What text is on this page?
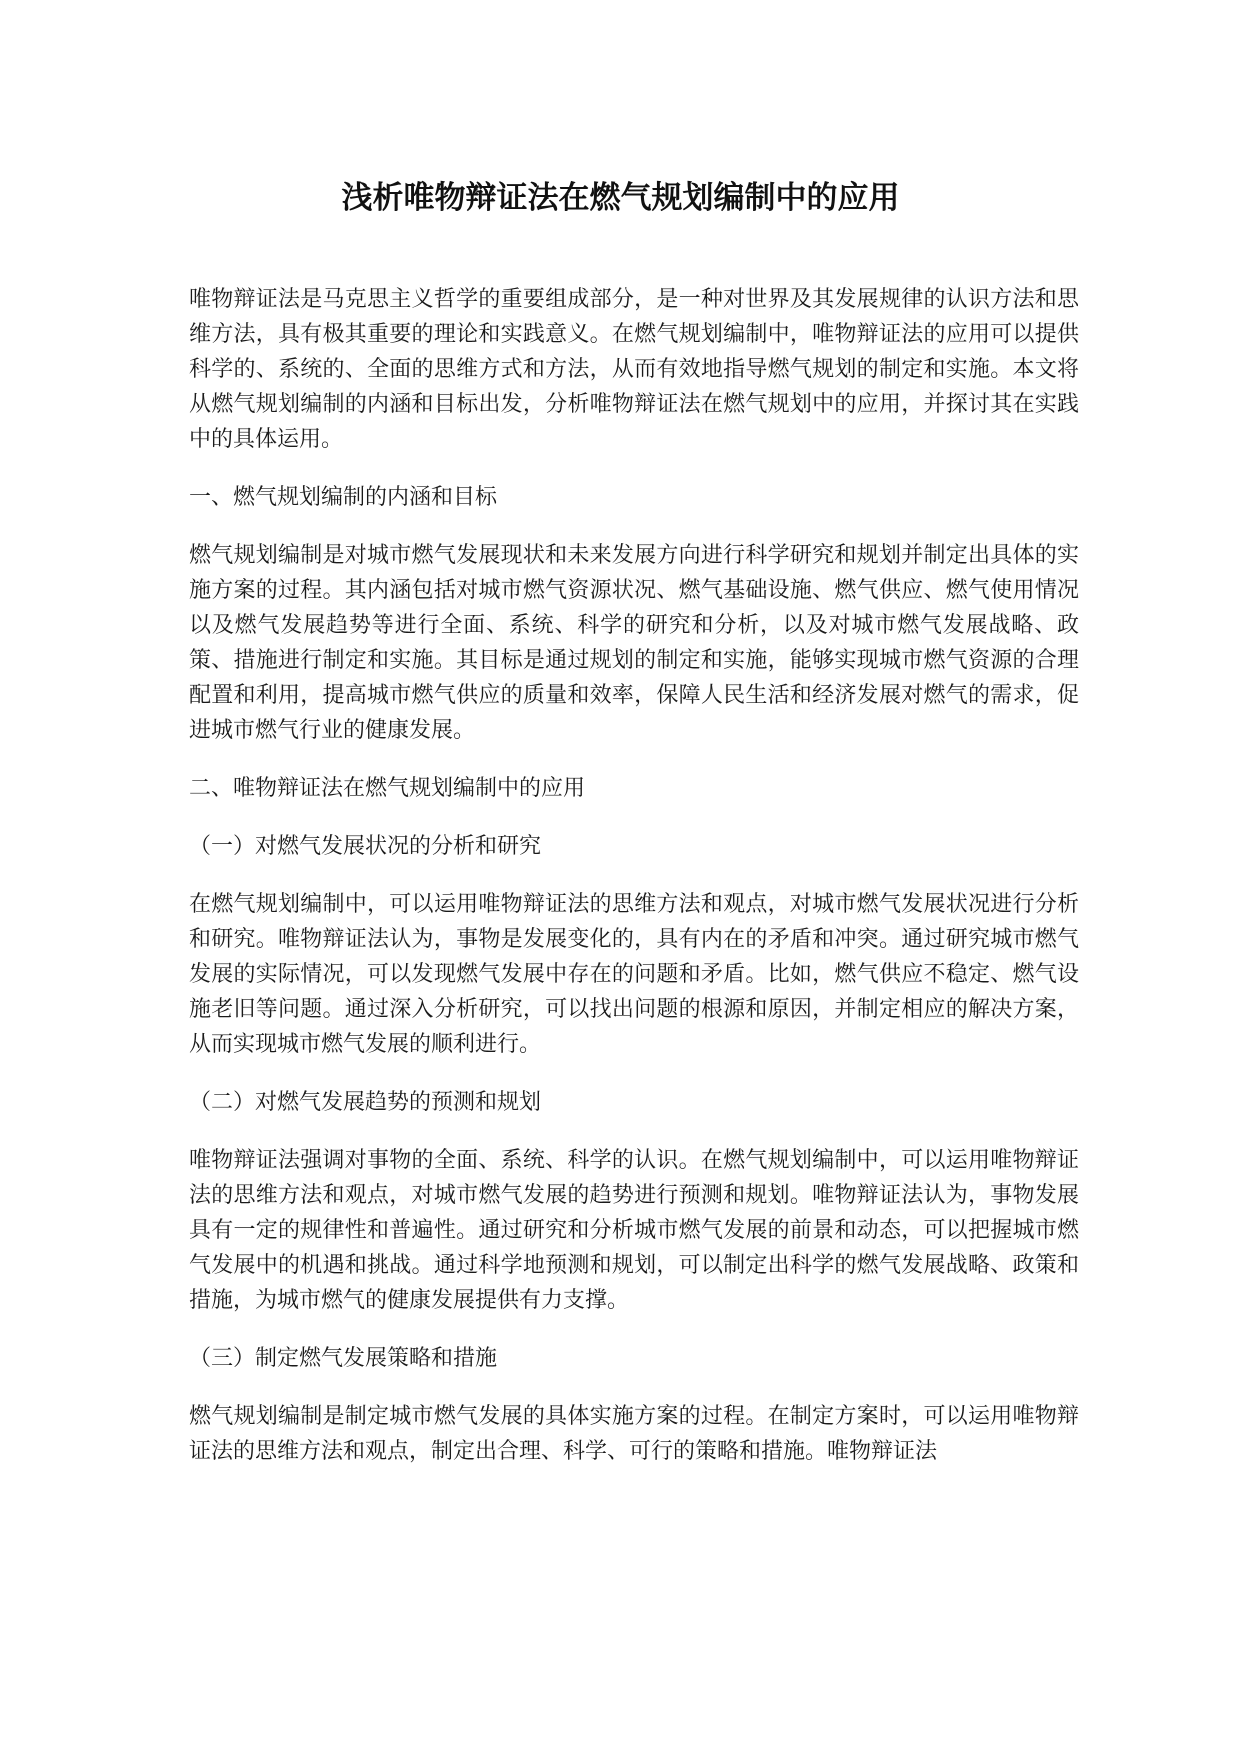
浅析唯物辩证法在燃气规划编制中的应用

唯物辩证法是马克思主义哲学的重要组成部分，是一种对世界及其发展规律的认识方法和思维方法，具有极其重要的理论和实践意义。在燃气规划编制中，唯物辩证法的应用可以提供科学的、系统的、全面的思维方式和方法，从而有效地指导燃气规划的制定和实施。本文将从燃气规划编制的内涵和目标出发，分析唯物辩证法在燃气规划中的应用，并探讨其在实践中的具体运用。

一、燃气规划编制的内涵和目标

燃气规划编制是对城市燃气发展现状和未来发展方向进行科学研究和规划并制定出具体的实施方案的过程。其内涵包括对城市燃气资源状况、燃气基础设施、燃气供应、燃气使用情况以及燃气发展趋势等进行全面、系统、科学的研究和分析，以及对城市燃气发展战略、政策、措施进行制定和实施。其目标是通过规划的制定和实施，能够实现城市燃气资源的合理配置和利用，提高城市燃气供应的质量和效率，保障人民生活和经济发展对燃气的需求，促进城市燃气行业的健康发展。

二、唯物辩证法在燃气规划编制中的应用

（一）对燃气发展状况的分析和研究

在燃气规划编制中，可以运用唯物辩证法的思维方法和观点，对城市燃气发展状况进行分析和研究。唯物辩证法认为，事物是发展变化的，具有内在的矛盾和冲突。通过研究城市燃气发展的实际情况，可以发现燃气发展中存在的问题和矛盾。比如，燃气供应不稳定、燃气设施老旧等问题。通过深入分析研究，可以找出问题的根源和原因，并制定相应的解决方案，从而实现城市燃气发展的顺利进行。

（二）对燃气发展趋势的预测和规划

唯物辩证法强调对事物的全面、系统、科学的认识。在燃气规划编制中，可以运用唯物辩证法的思维方法和观点，对城市燃气发展的趋势进行预测和规划。唯物辩证法认为，事物发展具有一定的规律性和普遍性。通过研究和分析城市燃气发展的前景和动态，可以把握城市燃气发展中的机遇和挑战。通过科学地预测和规划，可以制定出科学的燃气发展战略、政策和措施，为城市燃气的健康发展提供有力支撑。

（三）制定燃气发展策略和措施

燃气规划编制是制定城市燃气发展的具体实施方案的过程。在制定方案时，可以运用唯物辩证法的思维方法和观点，制定出合理、科学、可行的策略和措施。唯物辩证法
